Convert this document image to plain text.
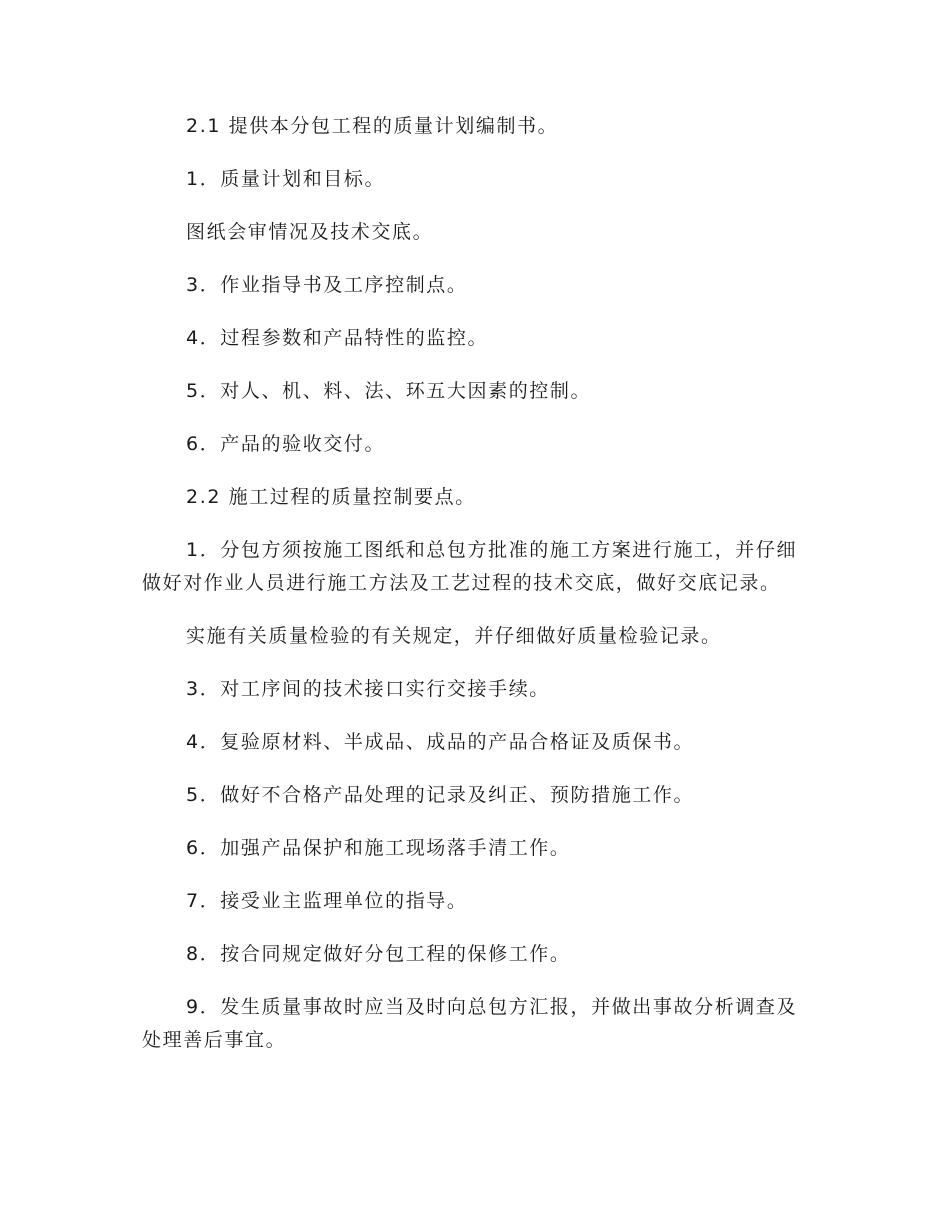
2.1 提供本分包工程的质量计划编制书。

1．质量计划和目标。

图纸会审情况及技术交底。

3．作业指导书及工序控制点。

4．过程参数和产品特性的监控。

5．对人、机、料、法、环五大因素的控制。

6．产品的验收交付。

2.2 施工过程的质量控制要点。

1．分包方须按施工图纸和总包方批准的施工方案进行施工，并仔细做好对作业人员进行施工方法及工艺过程的技术交底，做好交底记录。

实施有关质量检验的有关规定，并仔细做好质量检验记录。

3．对工序间的技术接口实行交接手续。

4．复验原材料、半成品、成品的产品合格证及质保书。

5．做好不合格产品处理的记录及纠正、预防措施工作。

6．加强产品保护和施工现场落手清工作。

7．接受业主监理单位的指导。

8．按合同规定做好分包工程的保修工作。

9．发生质量事故时应当及时向总包方汇报，并做出事故分析调查及处理善后事宜。
